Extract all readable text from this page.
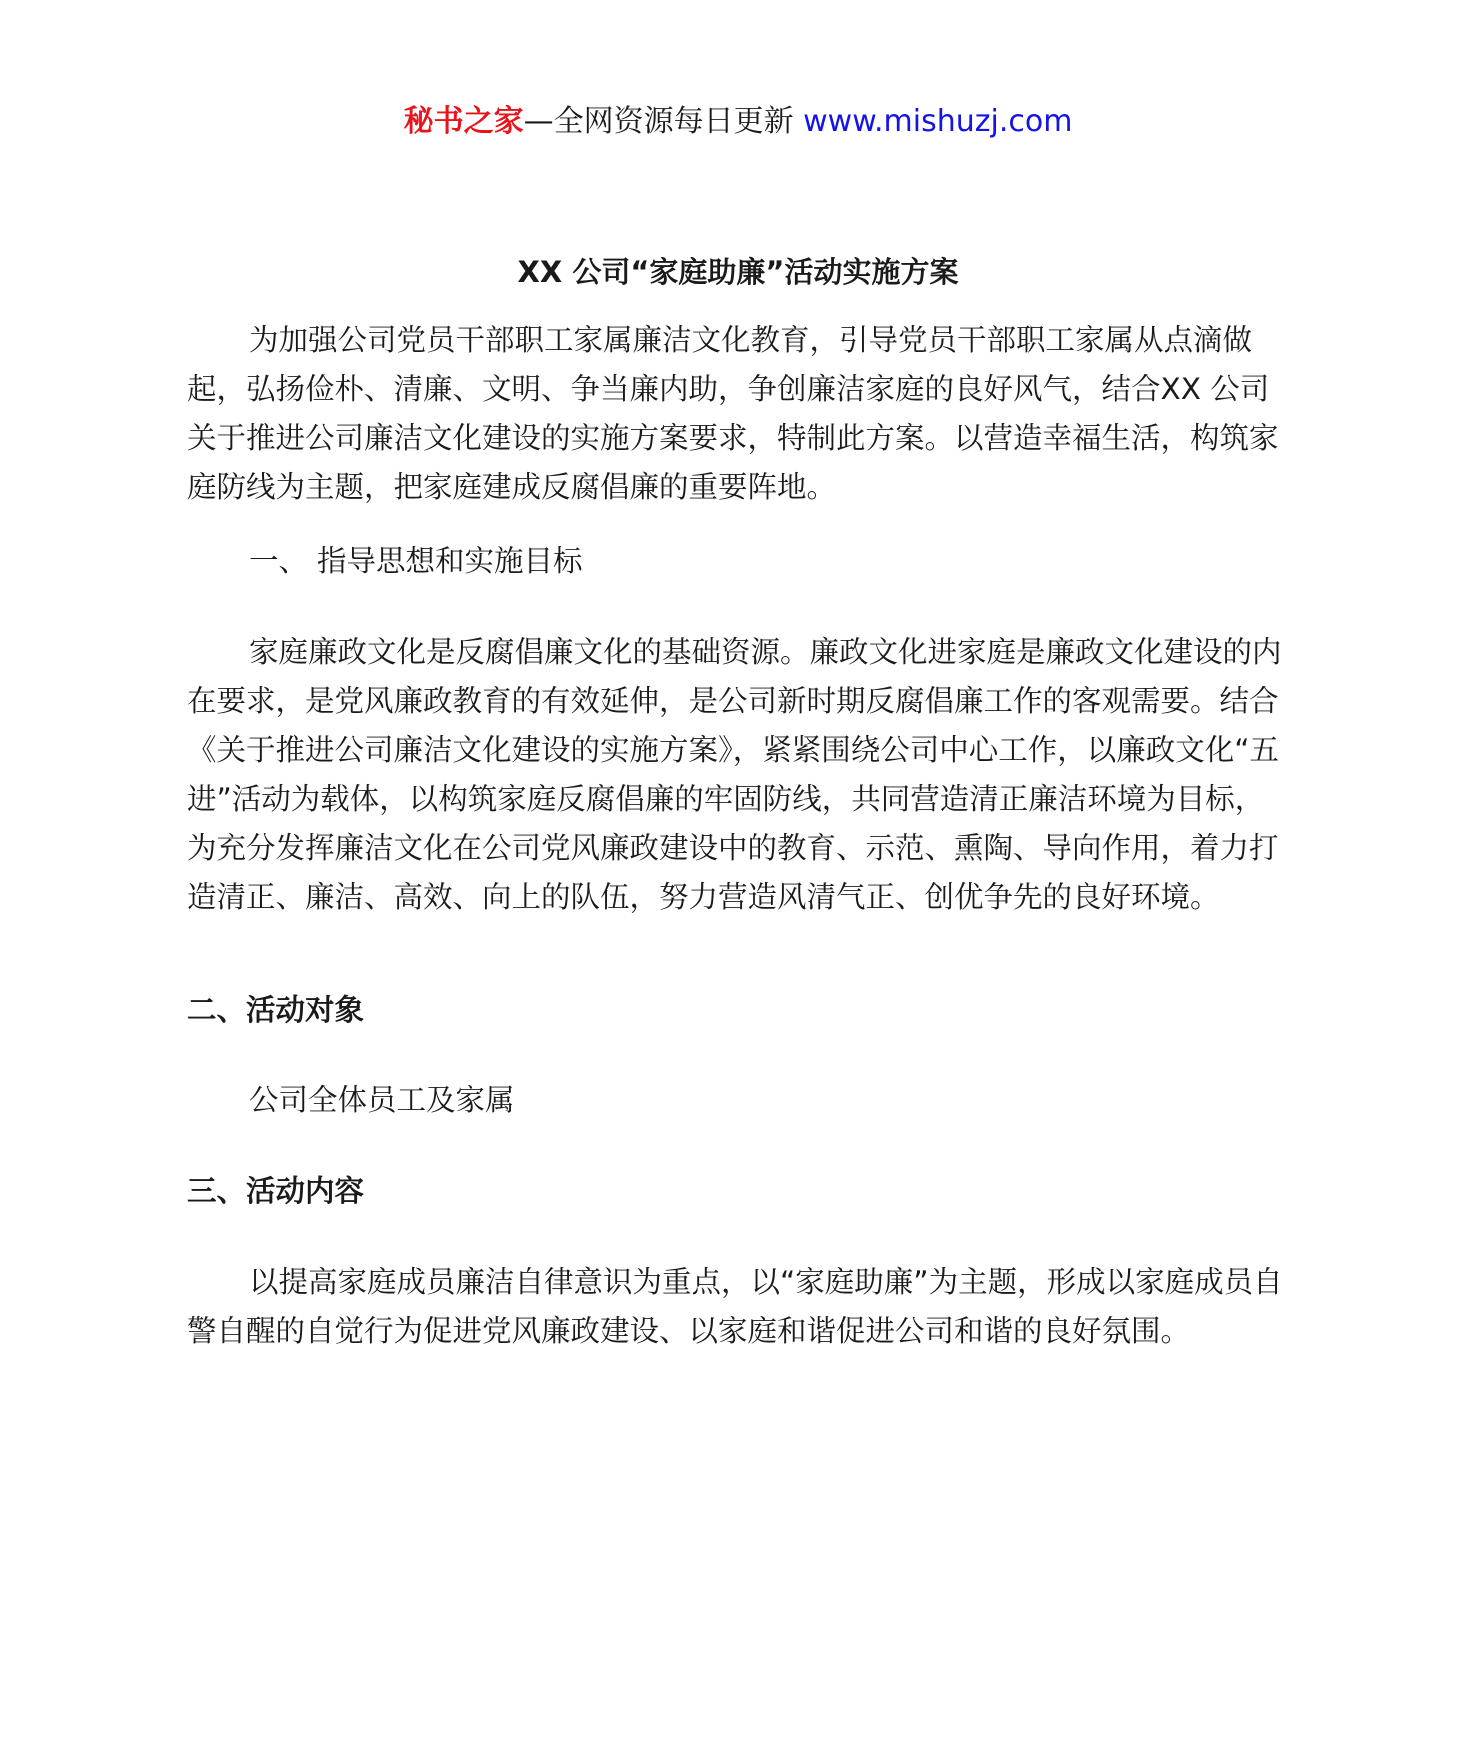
秘书之家—全网资源每日更新 www.mishuzj.com
XX 公司“家庭助廉”活动实施方案

为加强公司党员干部职工家属廉洁文化教育，引导党员干部职工家属从点滴做起，弘扬俭朴、清廉、文明、争当廉内助，争创廉洁家庭的良好风气，结合XX 公司关于推进公司廉洁文化建设的实施方案要求，特制此方案。以营造幸福生活，构筑家庭防线为主题，把家庭建成反腐倡廉的重要阵地。

一、 指导思想和实施目标

家庭廉政文化是反腐倡廉文化的基础资源。廉政文化进家庭是廉政文化建设的内在要求，是党风廉政教育的有效延伸，是公司新时期反腐倡廉工作的客观需要。结合《关于推进公司廉洁文化建设的实施方案》，紧紧围绕公司中心工作，以廉政文化“五进”活动为载体，以构筑家庭反腐倡廉的牢固防线，共同营造清正廉洁环境为目标，为充分发挥廉洁文化在公司党风廉政建设中的教育、示范、熏陶、导向作用，着力打造清正、廉洁、高效、向上的队伍，努力营造风清气正、创优争先的良好环境。

二、活动对象

公司全体员工及家属

三、活动内容

以提高家庭成员廉洁自律意识为重点，以“家庭助廉”为主题，形成以家庭成员自警自醒的自觉行为促进党风廉政建设、以家庭和谐促进公司和谐的良好氛围。
